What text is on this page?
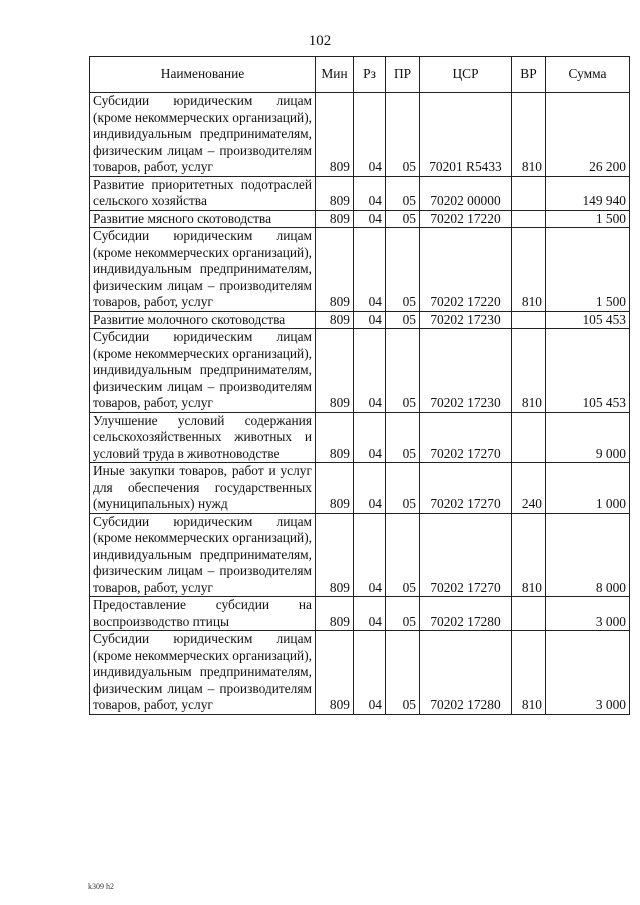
102
Наименование	Мин	Рз	ПР	ЦСР	ВР	Сумма
Субсидии юридическим лицам (кроме некоммерческих организаций), индивидуальным предпринимателям, физическим лицам – производителям товаров, работ, услуг	809	04	05	70201 R5433	810	26 200
Развитие приоритетных подотраслей сельского хозяйства	809	04	05	70202 00000		149 940
Развитие мясного скотоводства	809	04	05	70202 17220		1 500
Субсидии юридическим лицам (кроме некоммерческих организаций), индивидуальным предпринимателям, физическим лицам – производителям товаров, работ, услуг	809	04	05	70202 17220	810	1 500
Развитие молочного скотоводства	809	04	05	70202 17230		105 453
Субсидии юридическим лицам (кроме некоммерческих организаций), индивидуальным предпринимателям, физическим лицам – производителям товаров, работ, услуг	809	04	05	70202 17230	810	105 453
Улучшение условий содержания сельскохозяйственных животных и условий труда в животноводстве	809	04	05	70202 17270		9 000
Иные закупки товаров, работ и услуг для обеспечения государственных (муниципальных) нужд	809	04	05	70202 17270	240	1 000
Субсидии юридическим лицам (кроме некоммерческих организаций), индивидуальным предпринимателям, физическим лицам – производителям товаров, работ, услуг	809	04	05	70202 17270	810	8 000
Предоставление субсидии на воспроизводство птицы	809	04	05	70202 17280		3 000
Субсидии юридическим лицам (кроме некоммерческих организаций), индивидуальным предпринимателям, физическим лицам – производителям товаров, работ, услуг	809	04	05	70202 17280	810	3 000
k309 h2
